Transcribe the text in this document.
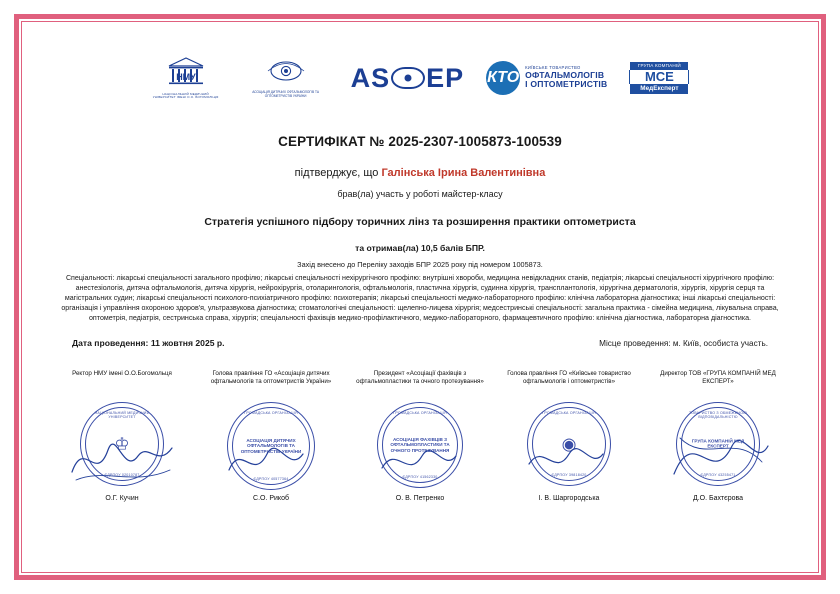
НМУ
НАЦІОНАЛЬНИЙ МЕДИЧНИЙ УНІВЕРСИТЕТ ІМЕНІ О.О. БОГОМОЛЬЦЯ
АСОЦІАЦІЯ ДИТЯЧИХ ОФТАЛЬМОЛОГІВ ТА ОПТОМЕТРИСТІВ УКРАЇНИ
AS EP КТО
КИЇВСЬКЕ ТОВАРИСТВО
ОФТАЛЬМОЛОГІВ
І ОПТОМЕТРИСТІВ
ГРУПА КОМПАНІЙ
МСЕ
МедЕксперт
СЕРТИФІКАТ № 2025-2307-1005873-100539
підтверджує, що Галінська Ірина Валентинівна
брав(ла) участь у роботі майстер-класу
Стратегія успішного підбору торичних лінз та розширення практики оптометриста
та отримав(ла) 10,5 балів БПР.
Захід внесено до Переліку заходів БПР 2025 року під номером 1005873.
Спеціальності: лікарські спеціальності загального профілю; лікарські спеціальності нехірургічного профілю: внутрішні хвороби, медицина невідкладних станів, педіатрія; лікарські спеціальності хірургічного профілю: анестезіологія, дитяча офтальмологія, дитяча хірургія, нейрохірургія, отоларингологія, офтальмологія, пластична хірургія, судинна хірургія, трансплантологія, хірургічна дерматологія, хірургія, хірургія серця та магістральних судин; лікарські спеціальності психолого-психіатричного профілю: психотерапія; лікарські спеціальності медико-лабораторного профілю: клінічна лабораторна діагностика; інші лікарські спеціальності: організація і управління охороною здоров'я, ультразвукова діагностика; стоматологічні спеціальності: щелепно-лицева хірургія; медсестринські спеціальності: загальна практика - сімейна медицина, лікувальна справа, оптометрія, педіатрія, сестринська справа, хірургія; спеціальності фахівців медико-профілактичного, медико-лабораторного, фармацевтичного профілю: клінічна діагностика, лабораторна діагностика.
Дата проведення: 11 жовтня 2025 р.	Місце проведення: м. Київ, особиста участь.
Ректор НМУ імені О.О.Богомольця
НАЦІОНАЛЬНИЙ МЕДИЧНИЙ УНІВЕРСИТЕТ
♔
ЄДРПОУ 02010787
О.Г. Кучин
Голова правління ГО «Асоціація дитячих офтальмологів та оптометристів України»
ГРОМАДСЬКА ОРГАНІЗАЦІЯ
АСОЦІАЦІЯ ДИТЯЧИХ ОФТАЛЬМОЛОГІВ ТА ОПТОМЕТРИСТІВ УКРАЇНИ
ЄДРПОУ 40577364
С.О. Рикоб
Президент «Асоціації фахівців з офтальмопластики та очного протезування»
ГРОМАДСЬКА ОРГАНІЗАЦІЯ
АСОЦІАЦІЯ ФАХІВЦІВ З ОФТАЛЬМОПЛАСТИКИ ТА ОЧНОГО ПРОТЕЗУВАННЯ
ЄДРПОУ 41562330
О. В. Петренко
Голова правління ГО «Київське товариство офтальмологів і оптометристів»
ГРОМАДСЬКА ОРГАНІЗАЦІЯ
◉
ЄДРПОУ 39818420
І. В. Шаргородська
Директор ТОВ «ГРУПА КОМПАНІЙ МЕД ЕКСПЕРТ»
ТОВАРИСТВО З ОБМЕЖЕНОЮ ВІДПОВІДАЛЬНІСТЮ
ГРУПА КОМПАНІЙ МЕД ЕКСПЕРТ
ЄДРПОУ 43255471
Д.О. Бахтєрова
